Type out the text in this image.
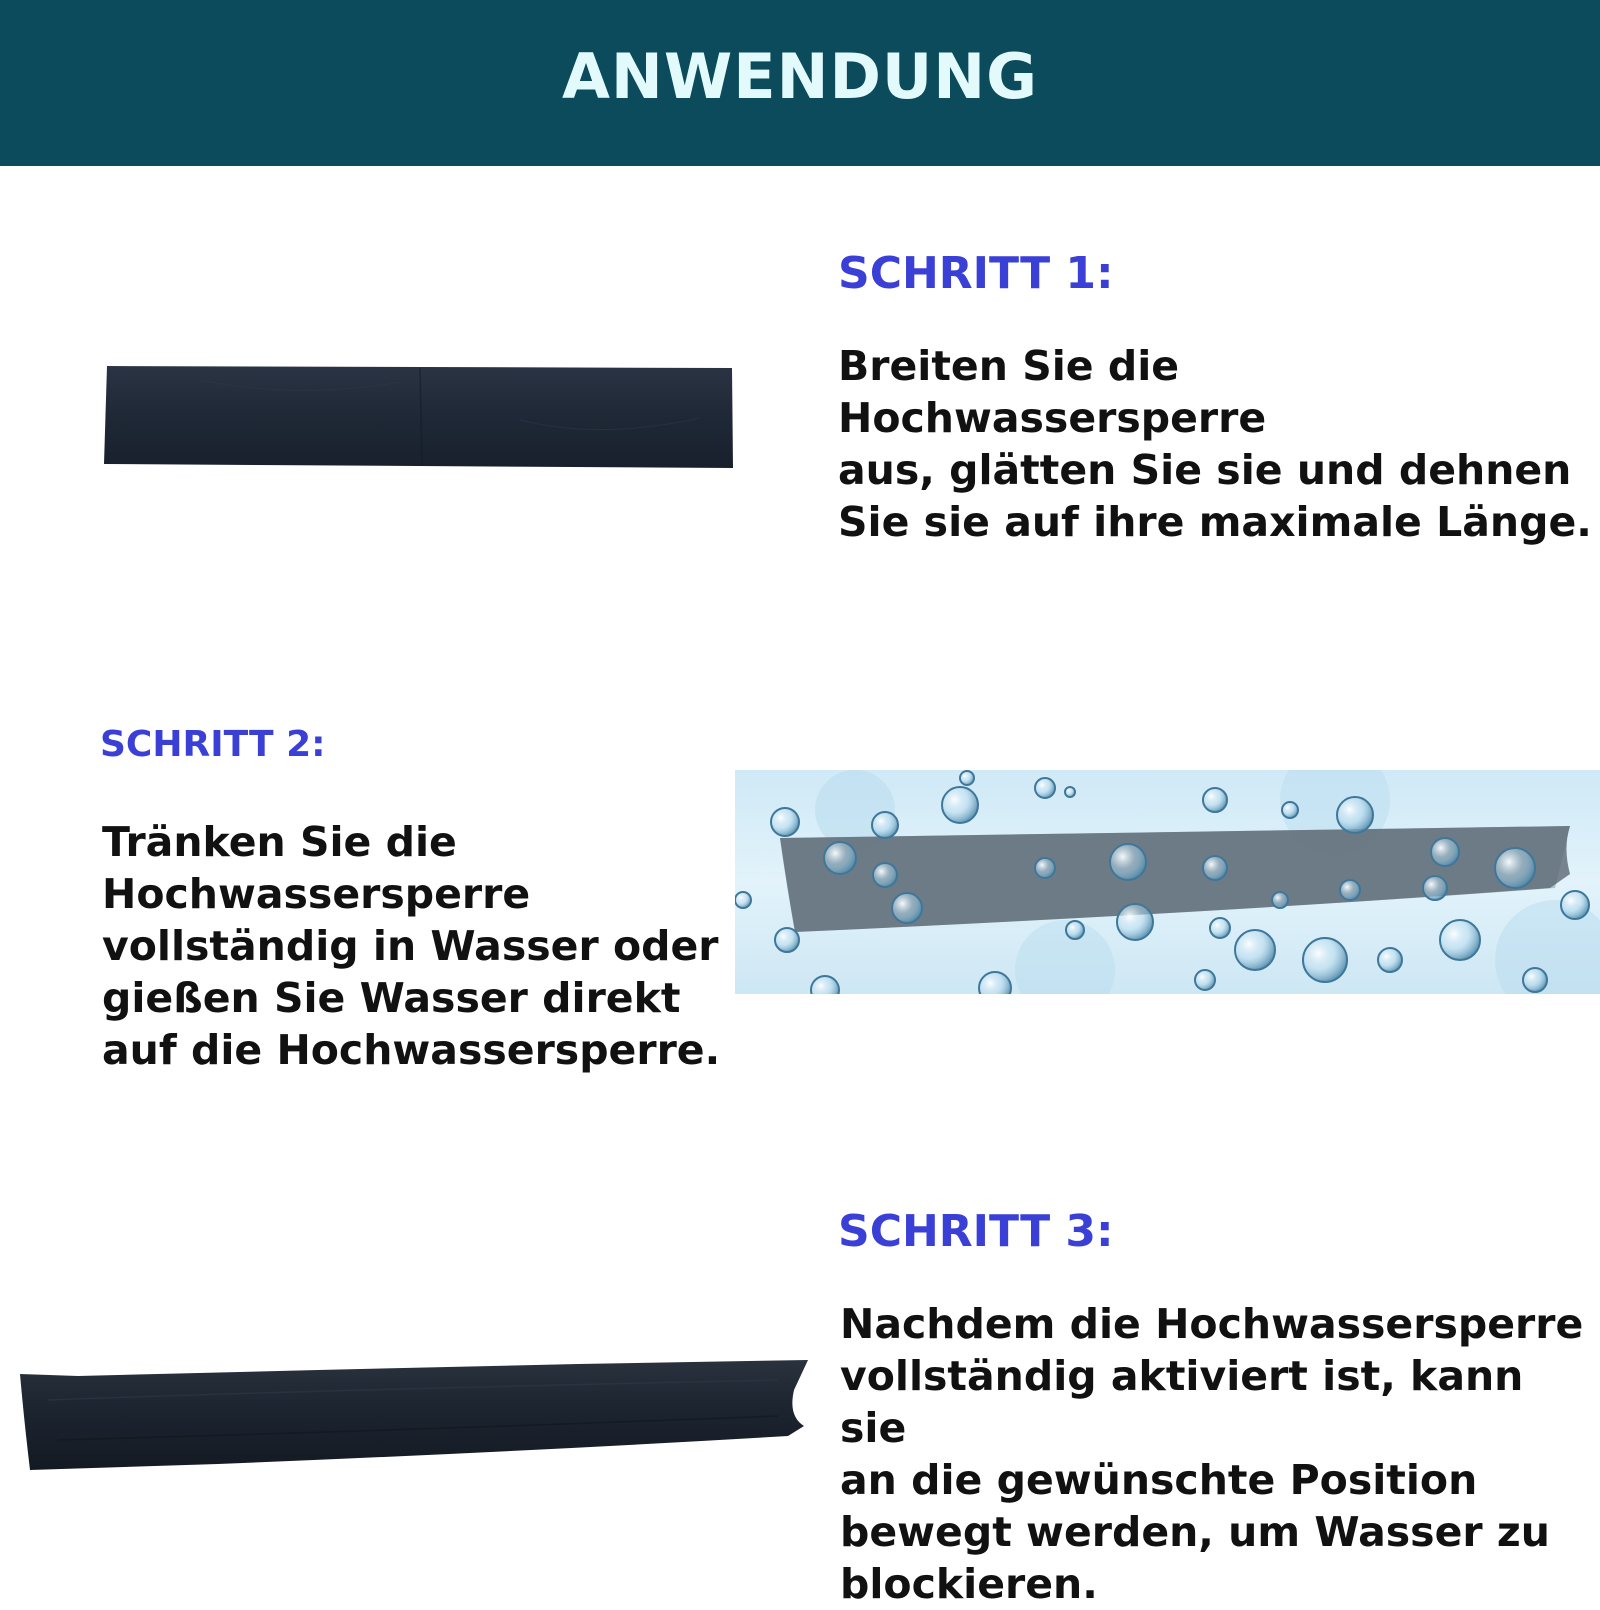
ANWENDUNG
SCHRITT 1:
Breiten Sie die Hochwassersperre
aus, glätten Sie sie und dehnen
Sie sie auf ihre maximale Länge.
SCHRITT 2:
Tränken Sie die
Hochwassersperre
vollständig in Wasser oder
gießen Sie Wasser direkt
auf die Hochwassersperre.
SCHRITT 3:
Nachdem die Hochwassersperre
vollständig aktiviert ist, kann sie
an die gewünschte Position
bewegt werden, um Wasser zu
blockieren.
